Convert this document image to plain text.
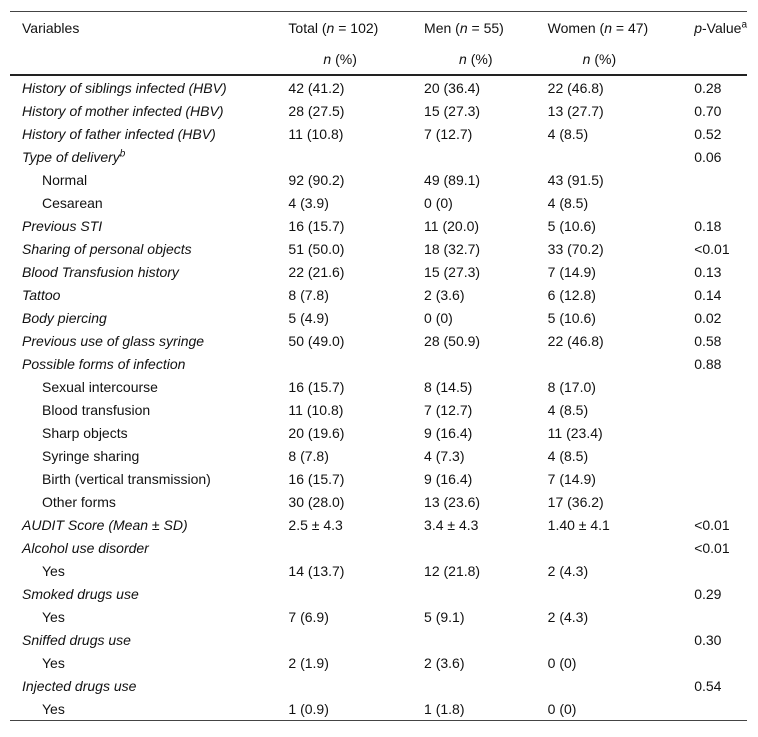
Variables	Total (n = 102)	Men (n = 55)	Women (n = 47)	p-Value$^a$
	n (%)	n (%)	n (%)	
History of siblings infected (HBV)	42 (41.2)	20 (36.4)	22 (46.8)	0.28
History of mother infected (HBV)	28 (27.5)	15 (27.3)	13 (27.7)	0.70
History of father infected (HBV)	11 (10.8)	7 (12.7)	4 (8.5)	0.52
Type of delivery$^b$				0.06
Normal	92 (90.2)	49 (89.1)	43 (91.5)	
Cesarean	4 (3.9)	0 (0)	4 (8.5)	
Previous STI	16 (15.7)	11 (20.0)	5 (10.6)	0.18
Sharing of personal objects	51 (50.0)	18 (32.7)	33 (70.2)	<0.01
Blood Transfusion history	22 (21.6)	15 (27.3)	7 (14.9)	0.13
Tattoo	8 (7.8)	2 (3.6)	6 (12.8)	0.14
Body piercing	5 (4.9)	0 (0)	5 (10.6)	0.02
Previous use of glass syringe	50 (49.0)	28 (50.9)	22 (46.8)	0.58
Possible forms of infection				0.88
Sexual intercourse	16 (15.7)	8 (14.5)	8 (17.0)	
Blood transfusion	11 (10.8)	7 (12.7)	4 (8.5)	
Sharp objects	20 (19.6)	9 (16.4)	11 (23.4)	
Syringe sharing	8 (7.8)	4 (7.3)	4 (8.5)	
Birth (vertical transmission)	16 (15.7)	9 (16.4)	7 (14.9)	
Other forms	30 (28.0)	13 (23.6)	17 (36.2)	
AUDIT Score (Mean ± SD)	2.5 ± 4.3	3.4 ± 4.3	1.40 ± 4.1	<0.01
Alcohol use disorder				<0.01
Yes	14 (13.7)	12 (21.8)	2 (4.3)	
Smoked drugs use				0.29
Yes	7 (6.9)	5 (9.1)	2 (4.3)	
Sniffed drugs use				0.30
Yes	2 (1.9)	2 (3.6)	0 (0)	
Injected drugs use				0.54
Yes	1 (0.9)	1 (1.8)	0 (0)	
